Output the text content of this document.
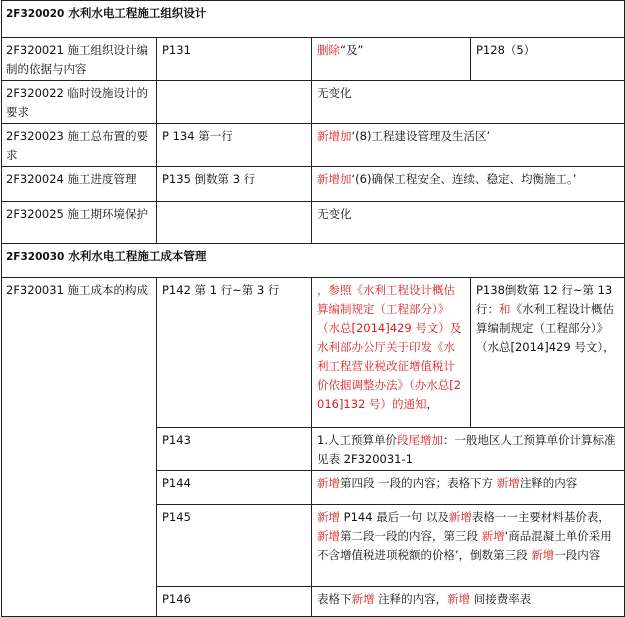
2F320020 水利水电工程施工组织设计			
2F320021 施工组织设计编制的依据与内容	P131	删除“及”	P128（5）
2F320022 临时设施设计的要求		无变化	
2F320023 施工总布置的要求	P 134 第一行	新增加‘(8)工程建设管理及生活区’	
2F320024 施工进度管理	P135 倒数第 3 行	新增加‘(6)确保工程安全、连续、稳定、均衡施工。’	
2F320025 施工期环境保护		无变化	
2F320030 水利水电工程施工成本管理			
2F320031 施工成本的构成	P142 第 1 行~第 3 行	，参照《水利工程设计概估算编制规定（工程部分）》（水总[2014]429 号文）及水利部办公厅关于印发《水利工程营业税改征增值税计价依据调整办法》（办水总[2016]132 号）的通知，	P138倒数第 12 行~第 13行：和《水利工程设计概估算编制规定（工程部分）》（水总[2014]429 号文），
	P143	1.人工预算单价段尾增加：一般地区人工预算单价计算标准见表 2F320031-1	
	P144	新增第四段 一段的内容；表格下方 新增注释的内容	
	P145	新增 P144 最后一句 以及新增表格一一主要材料基价表，新增第二段一段的内容，第三段 新增‘商品混凝土单价采用不含增值税进项税额的价格’，倒数第三段 新增一段内容	
	P146	表格下新增 注释的内容，新增 间接费率表	
